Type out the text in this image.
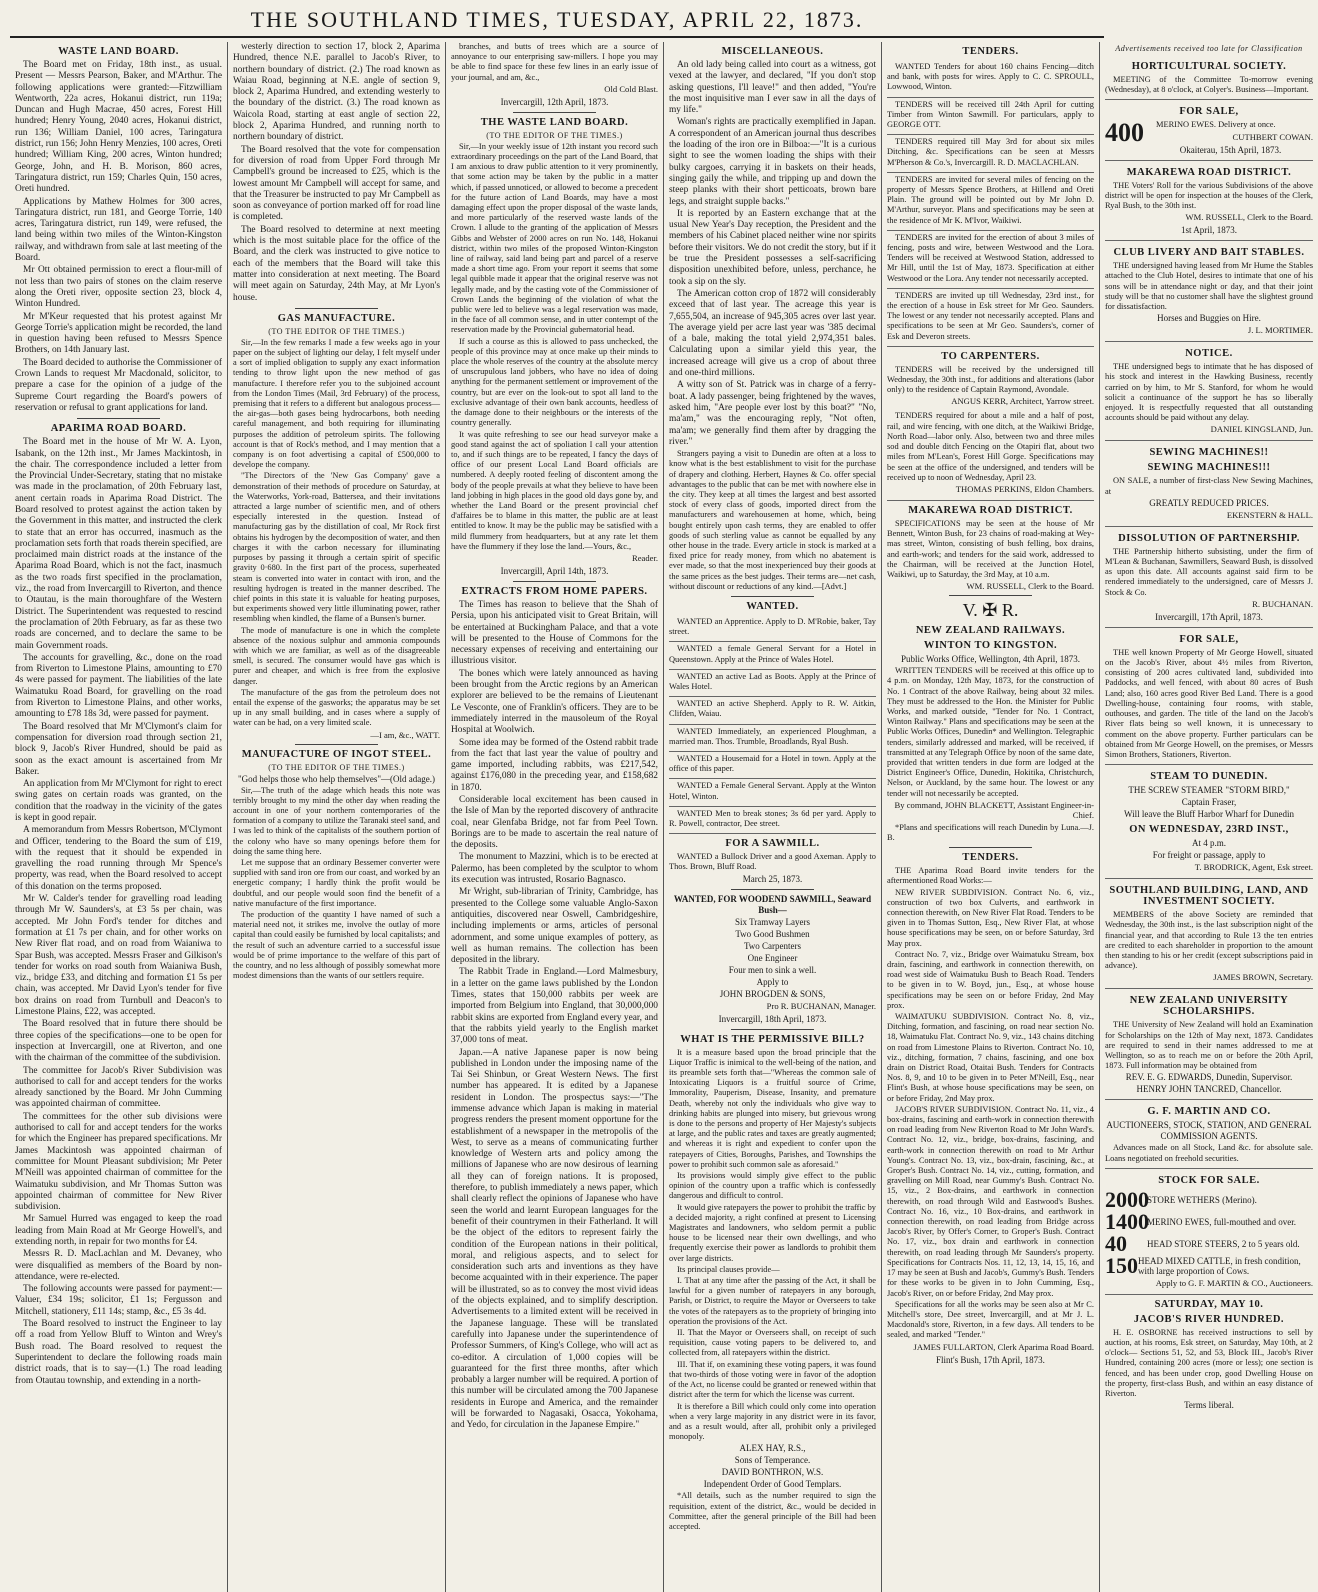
THE SOUTHLAND TIMES, TUESDAY, APRIL 22, 1873.
WASTE LAND BOARD.

The Board met on Friday, 18th inst., as usual. Present — Messrs Pearson, Baker, and M'Arthur. The following applications were granted:—Fitzwilliam Wentworth, 22a acres, Hokanui district, run 119a; Duncan and Hugh Macrae, 450 acres, Forest Hill hundred; Henry Young, 2040 acres, Hokanui district, run 136; William Daniel, 100 acres, Taringatura district, run 156; John Henry Menzies, 100 acres, Oreti hundred; William King, 200 acres, Winton hundred; George, John, and H. B. Morison, 860 acres, Taringatura district, run 159; Charles Quin, 150 acres, Oreti hundred.

Applications by Mathew Holmes for 300 acres, Taringatura district, run 181, and George Torrie, 140 acres, Taringatura district, run 149, were refused, the land being within two miles of the Winton-Kingston railway, and withdrawn from sale at last meeting of the Board.

Mr Ott obtained permission to erect a flour-mill of not less than two pairs of stones on the claim reserve along the Oreti river, opposite section 23, block 4, Winton Hundred.

Mr M'Keur requested that his protest against Mr George Torrie's application might be recorded, the land in question having been refused to Messrs Spence Brothers, on 14th January last.

The Board decided to authorise the Commissioner of Crown Lands to request Mr Macdonald, solicitor, to prepare a case for the opinion of a judge of the Supreme Court regarding the Board's powers of reservation or refusal to grant applications for land.

APARIMA ROAD BOARD.

The Board met in the house of Mr W. A. Lyon, Isabank, on the 12th inst., Mr James Mackintosh, in the chair. The correspondence included a letter from the Provincial Under-Secretary, stating that no mistake was made in the proclamation, of 20th February last, anent certain roads in Aparima Road District. The Board resolved to protest against the action taken by the Government in this matter, and instructed the clerk to state that an error has occurred, inasmuch as the proclamation sets forth that roads therein specified, are proclaimed main district roads at the instance of the Aparima Road Board, which is not the fact, inasmuch as the two roads first specified in the proclamation, viz., the road from Invercargill to Riverton, and thence to Otautau, is the main thoroughfare of the Western District. The Superintendent was requested to rescind the proclamation of 20th February, as far as these two roads are concerned, and to declare the same to be main Government roads.

The accounts for gravelling, &c., done on the road from Riverton to Limestone Plains, amounting to £70 4s were passed for payment. The liabilities of the late Waimatuku Road Board, for gravelling on the road from Riverton to Limestone Plains, and other works, amounting to £78 18s 3d, were passed for payment.

The Board resolved that Mr M'Clymont's claim for compensation for diversion road through section 21, block 9, Jacob's River Hundred, should be paid as soon as the exact amount is ascertained from Mr Baker.

An application from Mr M'Clymont for right to erect swing gates on certain roads was granted, on the condition that the roadway in the vicinity of the gates is kept in good repair.

A memorandum from Messrs Robertson, M'Clymont and Officer, tendering to the Board the sum of £19, with the request that it should be expended in gravelling the road running through Mr Spence's property, was read, when the Board resolved to accept of this donation on the terms proposed.

Mr W. Calder's tender for gravelling road leading through Mr W. Saunders's, at £3 5s per chain, was accepted. Mr John Ford's tender for ditches and formation at £1 7s per chain, and for other works on New River flat road, and on road from Waianiwa to Spar Bush, was accepted. Messrs Fraser and Gilkison's tender for works on road south from Waianiwa Bush, viz., bridge £33, and ditching and formation £1 5s per chain, was accepted. Mr David Lyon's tender for five box drains on road from Turnbull and Deacon's to Limestone Plains, £22, was accepted.

The Board resolved that in future there should be three copies of the specifications—one to be open for inspection at Invercargill, one at Riverton, and one with the chairman of the committee of the subdivision.

The committee for Jacob's River Subdivision was authorised to call for and accept tenders for the works already sanctioned by the Board. Mr John Cumming was appointed chairman of committee.

The committees for the other sub divisions were authorised to call for and accept tenders for the works for which the Engineer has prepared specifications. Mr James Mackintosh was appointed chairman of committee for Mount Pleasant subdivision; Mr Peter M'Neill was appointed chairman of committee for the Waimatuku subdivision, and Mr Thomas Sutton was appointed chairman of committee for New River subdivision.

Mr Samuel Hurred was engaged to keep the road leading from Main Road at Mr George Howell's, and extending north, in repair for two months for £4.

Messrs R. D. MacLachlan and M. Devaney, who were disqualified as members of the Board by non-attendance, were re-elected.

The following accounts were passed for payment:—Valuer, £34 19s; solicitor, £1 1s; Fergusson and Mitchell, stationery, £11 14s; stamp, &c., £5 3s 4d.

The Board resolved to instruct the Engineer to lay off a road from Yellow Bluff to Winton and Wrey's Bush road. The Board resolved to request the Superintendent to declare the following roads main district roads, that is to say—(1.) The road leading from Otautau township, and extending in a north-

westerly direction to section 17, block 2, Aparima Hundred, thence N.E. parallel to Jacob's River, to northern boundary of district. (2.) The road known as Waiau Road, beginning at N.E. angle of section 9, block 2, Aparima Hundred, and extending westerly to the boundary of the district. (3.) The road known as Waicola Road, starting at east angle of section 22, block 2, Aparima Hundred, and running north to northern boundary of district.

The Board resolved that the vote for compensation for diversion of road from Upper Ford through Mr Campbell's ground be increased to £25, which is the lowest amount Mr Campbell will accept for same, and that the Treasurer be instructed to pay Mr Campbell as soon as conveyance of portion marked off for road line is completed.

The Board resolved to determine at next meeting which is the most suitable place for the office of the Board, and the clerk was instructed to give notice to each of the members that the Board will take this matter into consideration at next meeting. The Board will meet again on Saturday, 24th May, at Mr Lyon's house.

GAS MANUFACTURE.
(TO THE EDITOR OF THE TIMES.)

Sir,—In the few remarks I made a few weeks ago in your paper on the subject of lighting our delay, I felt myself under a sort of implied obligation to supply any exact information tending to throw light upon the new method of gas manufacture. I therefore refer you to the subjoined account from the London Times (Mail, 3rd February) of the process, premising that it refers to a different but analogous process—the air-gas—both gases being hydrocarbons, both needing careful management, and both requiring for illuminating purposes the addition of petroleum spirits. The following account is that of Rock's method, and I may mention that a company is on foot advertising a capital of £500,000 to develope the company.

"The Directors of the 'New Gas Company' gave a demonstration of their methods of procedure on Saturday, at the Waterworks, York-road, Battersea, and their invitations attracted a large number of scientific men, and of others especially interested in the question. Instead of manufacturing gas by the distillation of coal, Mr Rock first obtains his hydrogen by the decomposition of water, and then charges it with the carbon necessary for illuminating purposes by passing it through a certain spirit of specific gravity 0·680. In the first part of the process, superheated steam is converted into water in contact with iron, and the resulting hydrogen is treated in the manner described. The chief points in this state it is valuable for heating purposes, but experiments showed very little illuminating power, rather resembling when kindled, the flame of a Bunsen's burner.

The mode of manufacture is one in which the complete absence of the noxious sulphur and ammonia compounds with which we are familiar, as well as of the disagreeable smell, is secured. The consumer would have gas which is purer and cheaper, and which is free from the explosive danger.

The manufacture of the gas from the petroleum does not entail the expense of the gasworks; the apparatus may be set up in any small building, and in cases where a supply of water can be had, on a very limited scale.

—I am, &c., WATT.
MANUFACTURE OF INGOT STEEL.
(TO THE EDITOR OF THE TIMES.)
"God helps those who help themselves"—(Old adage.)

Sir,—The truth of the adage which heads this note was terribly brought to my mind the other day when reading the account in one of your northern contemporaries of the formation of a company to utilize the Taranaki steel sand, and I was led to think of the capitalists of the southern portion of the colony who have so many openings before them for doing the same thing here.

Let me suppose that an ordinary Bessemer converter were supplied with sand iron ore from our coast, and worked by an energetic company; I hardly think the profit would be doubtful, and our people would soon find the benefit of a native manufacture of the first importance.

The production of the quantity I have named of such a material need not, it strikes me, involve the outlay of more capital than could easily be furnished by local capitalists; and the result of such an adventure carried to a successful issue would be of prime importance to the welfare of this part of the country, and no less although of possibly somewhat more modest dimensions than the wants of our settlers require.

branches, and butts of trees which are a source of annoyance to our enterprising saw-millers. I hope you may be able to find space for these few lines in an early issue of your journal, and am, &c.,

Old Cold Blast.
Invercargill, 12th April, 1873.
THE WASTE LAND BOARD.
(TO THE EDITOR OF THE TIMES.)

Sir,—In your weekly issue of 12th instant you record such extraordinary proceedings on the part of the Land Board, that I am anxious to draw public attention to it very prominently, that some action may be taken by the public in a matter which, if passed unnoticed, or allowed to become a precedent for the future action of Land Boards, may have a most damaging effect upon the proper disposal of the waste lands, and more particularly of the reserved waste lands of the Crown. I allude to the granting of the application of Messrs Gibbs and Webster of 2000 acres on run No. 148, Hokanui district, within two miles of the proposed Winton-Kingston line of railway, said land being part and parcel of a reserve made a short time ago. From your report it seems that some legal quibble made it appear that the original reserve was not legally made, and by the casting vote of the Commissioner of Crown Lands the beginning of the violation of what the public were led to believe was a legal reservation was made, in the face of all common sense, and in utter contempt of the reservation made by the Provincial gubernatorial head.

If such a course as this is allowed to pass unchecked, the people of this province may at once make up their minds to place the whole reserves of the country at the absolute mercy of unscrupulous land jobbers, who have no idea of doing anything for the permanent settlement or improvement of the country, but are ever on the look-out to spot all land to the exclusive advantage of their own bank accounts, heedless of the damage done to their neighbours or the interests of the country generally.

It was quite refreshing to see our head surveyor make a good stand against the act of spoliation I call your attention to, and if such things are to be repeated, I fancy the days of office of our present Local Land Board officials are numbered. A deeply rooted feeling of discontent among the body of the people prevails at what they believe to have been land jobbing in high places in the good old days gone by, and whether the Land Board or the present provincial chef d'affaires be to blame in this matter, the public are at least entitled to know. It may be the public may be satisfied with a mild flummery from headquarters, but at any rate let them have the flummery if they lose the land.—Yours, &c.,

Reader.
Invercargill, April 14th, 1873.
EXTRACTS FROM HOME PAPERS.

The Times has reason to believe that the Shah of Persia, upon his anticipated visit to Great Britain, will be entertained at Buckingham Palace, and that a vote will be presented to the House of Commons for the necessary expenses of receiving and entertaining our illustrious visitor.

The bones which were lately announced as having been brought from the Arctic regions by an American explorer are believed to be the remains of Lieutenant Le Vesconte, one of Franklin's officers. They are to be immediately interred in the mausoleum of the Royal Hospital at Woolwich.

Some idea may be formed of the Ostend rabbit trade from the fact that last year the value of poultry and game imported, including rabbits, was £217,542, against £176,080 in the preceding year, and £158,682 in 1870.

Considerable local excitement has been caused in the Isle of Man by the reported discovery of anthracite coal, near Glenfaba Bridge, not far from Peel Town. Borings are to be made to ascertain the real nature of the deposits.

The monument to Mazzini, which is to be erected at Palermo, has been completed by the sculptor to whom its execution was intrusted, Rosario Bagnasco.

Mr Wright, sub-librarian of Trinity, Cambridge, has presented to the College some valuable Anglo-Saxon antiquities, discovered near Oswell, Cambridgeshire, including implements or arms, articles of personal adornment, and some unique examples of pottery, as well as human remains. The collection has been deposited in the library.

The Rabbit Trade in England.—Lord Malmesbury, in a letter on the game laws published by the London Times, states that 150,000 rabbits per week are imported from Belgium into England, that 30,000,000 rabbit skins are exported from England every year, and that the rabbits yield yearly to the English market 37,000 tons of meat.

Japan.—A native Japanese paper is now being published in London under the imposing name of the Tai Sei Shinbun, or Great Western News. The first number has appeared. It is edited by a Japanese resident in London. The prospectus says:—"The immense advance which Japan is making in material progress renders the present moment opportune for the establishment of a newspaper in the metropolis of the West, to serve as a means of communicating further knowledge of Western arts and policy among the millions of Japanese who are now desirous of learning all they can of foreign nations. It is proposed, therefore, to publish immediately a news paper, which shall clearly reflect the opinions of Japanese who have seen the world and learnt European languages for the benefit of their countrymen in their Fatherland. It will be the object of the editors to represent fairly the condition of the European nations in their political, moral, and religious aspects, and to select for consideration such arts and inventions as they have become acquainted with in their experience. The paper will be illustrated, so as to convey the most vivid ideas of the objects explained, and to simplify description. Advertisements to a limited extent will be received in the Japanese language. These will be translated carefully into Japanese under the superintendence of Professor Summers, of King's College, who will act as co-editor. A circulation of 1,000 copies will be guaranteed for the first three months, after which probably a larger number will be required. A portion of this number will be circulated among the 700 Japanese residents in Europe and America, and the remainder will be forwarded to Nagasaki, Osacca, Yokohama, and Yedo, for circulation in the Japanese Empire."

MISCELLANEOUS.

An old lady being called into court as a witness, got vexed at the lawyer, and declared, "If you don't stop asking questions, I'll leave!" and then added, "You're the most inquisitive man I ever saw in all the days of my life."

Woman's rights are practically exemplified in Japan. A correspondent of an American journal thus describes the loading of the iron ore in Bilboa:—"It is a curious sight to see the women loading the ships with their bulky cargoes, carrying it in baskets on their heads, singing gaily the while, and tripping up and down the steep planks with their short petticoats, brown bare legs, and straight supple backs."

It is reported by an Eastern exchange that at the usual New Year's Day reception, the President and the members of his Cabinet placed neither wine nor spirits before their visitors. We do not credit the story, but if it be true the President possesses a self-sacrificing disposition unexhibited before, unless, perchance, he took a sip on the sly.

The American cotton crop of 1872 will considerably exceed that of last year. The acreage this year is 7,655,504, an increase of 945,305 acres over last year. The average yield per acre last year was '385 decimal of a bale, making the total yield 2,974,351 bales. Calculating upon a similar yield this year, the increased acreage will give us a crop of about three and one-third millions.

A witty son of St. Patrick was in charge of a ferry-boat. A lady passenger, being frightened by the waves, asked him, "Are people ever lost by this boat?" "No, ma'am," was the encouraging reply, "Not often, ma'am; we generally find them after by dragging the river."

Strangers paying a visit to Dunedin are often at a loss to know what is the best establishment to visit for the purchase of drapery and clothing. Herbert, Haynes & Co. offer special advantages to the public that can be met with nowhere else in the city. They keep at all times the largest and best assorted stock of every class of goods, imported direct from the manufacturers and warehousemen at home, which, being bought entirely upon cash terms, they are enabled to offer goods of such sterling value as cannot be equalled by any other house in the trade. Every article in stock is marked at a fixed price for ready money, from which no abatement is ever made, so that the most inexperienced buy their goods at the same prices as the best judges. Their terms are—net cash, without discount or reductions of any kind.—[Advt.]

WANTED.

WANTED an Apprentice. Apply to D. M'Robie, baker, Tay street.

WANTED a female General Servant for a Hotel in Queenstown. Apply at the Prince of Wales Hotel.

WANTED an active Lad as Boots. Apply at the Prince of Wales Hotel.

WANTED an active Shepherd. Apply to R. W. Aitkin, Clifden, Waiau.

WANTED Immediately, an experienced Ploughman, a married man. Thos. Trumble, Broadlands, Ryal Bush.

WANTED a Housemaid for a Hotel in town. Apply at the office of this paper.

WANTED a Female General Servant. Apply at the Winton Hotel, Winton.

WANTED Men to break stones; 3s 6d per yard. Apply to R. Powell, contractor, Dee street.

FOR A SAWMILL.

WANTED a Bullock Driver and a good Axeman. Apply to Thos. Brown, Bluff Road.

March 25, 1873.
WANTED, FOR WOODEND SAWMILL, Seaward Bush—
Six Tramway Layers
Two Good Bushmen
Two Carpenters
One Engineer
Four men to sink a well.
Apply to
JOHN BROGDEN & SONS,
Pro R. BUCHANAN, Manager.
Invercargill, 18th April, 1873.
WHAT IS THE PERMISSIVE BILL?

It is a measure based upon the broad principle that the Liquor Traffic is inimical to the well-being of the nation, and its preamble sets forth that—"Whereas the common sale of Intoxicating Liquors is a fruitful source of Crime, Immorality, Pauperism, Disease, Insanity, and premature Death, whereby not only the individuals who give way to drinking habits are plunged into misery, but grievous wrong is done to the persons and property of Her Majesty's subjects at large, and the public rates and taxes are greatly augmented; and whereas it is right and expedient to confer upon the ratepayers of Cities, Boroughs, Parishes, and Townships the power to prohibit such common sale as aforesaid."

Its provisions would simply give effect to the public opinion of the country upon a traffic which is confessedly dangerous and difficult to control.

It would give ratepayers the power to prohibit the traffic by a decided majority, a right confined at present to Licensing Magistrates and landowners, who seldom permit a public house to be licensed near their own dwellings, and who frequently exercise their power as landlords to prohibit them over large districts.

Its principal clauses provide—

I. That at any time after the passing of the Act, it shall be lawful for a given number of ratepayers in any borough, Parish, or District, to require the Mayor or Overseers to take the votes of the ratepayers as to the propriety of bringing into operation the provisions of the Act.

II. That the Mayor or Overseers shall, on receipt of such requisition, cause voting papers to be delivered to, and collected from, all ratepayers within the district.

III. That if, on examining these voting papers, it was found that two-thirds of those voting were in favor of the adoption of the Act, no license could be granted or renewed within that district after the term for which the license was current.

It is therefore a Bill which could only come into operation when a very large majority in any district were in its favor, and as a result would, after all, prohibit only a privileged monopoly.

ALEX HAY, R.S.,
Sons of Temperance.
DAVID BONTHRON, W.S.
Independent Order of Good Templars.

*All details, such as the number required to sign the requisition, extent of the district, &c., would be decided in Committee, after the general principle of the Bill had been accepted.

TENDERS.

WANTED Tenders for about 160 chains Fencing—ditch and bank, with posts for wires. Apply to C. C. SPROULL, Lowwood, Winton.

TENDERS will be received till 24th April for cutting Timber from Winton Sawmill. For particulars, apply to GEORGE OTT.

TENDERS required till May 3rd for about six miles Ditching, &c. Specifications can be seen at Messrs M'Pherson & Co.'s, Invercargill. R. D. MACLACHLAN.

TENDERS are invited for several miles of fencing on the property of Messrs Spence Brothers, at Hillend and Oreti Plain. The ground will be pointed out by Mr John D. M'Arthur, surveyor. Plans and specifications may be seen at the residence of Mr K. M'Ivor, Waikiwi.

TENDERS are invited for the erection of about 3 miles of fencing, posts and wire, between Westwood and the Lora. Tenders will be received at Westwood Station, addressed to Mr Hill, until the 1st of May, 1873. Specification at either Westwood or the Lora. Any tender not necessarily accepted.

TENDERS are invited up till Wednesday, 23rd inst., for the erection of a house in Esk street for Mr Geo. Saunders. The lowest or any tender not necessarily accepted. Plans and specifications to be seen at Mr Geo. Saunders's, corner of Esk and Deveron streets.

TO CARPENTERS.

TENDERS will be received by the undersigned till Wednesday, the 30th inst., for additions and alterations (labor only) to the residence of Captain Raymond, Avondale.

ANGUS KERR, Architect, Yarrow street.

TENDERS required for about a mile and a half of post, rail, and wire fencing, with one ditch, at the Waikiwi Bridge, North Road—labor only. Also, between two and three miles sod and double ditch Fencing on the Otapiri flat, about two miles from M'Lean's, Forest Hill Gorge. Specifications may be seen at the office of the undersigned, and tenders will be received up to noon of Wednesday, April 23.

THOMAS PERKINS, Eldon Chambers.
MAKAREWA ROAD DISTRICT.

SPECIFICATIONS may be seen at the house of Mr Bennett, Winton Bush, for 23 chains of road-making at Wey-mas street, Winton, consisting of bush felling, box drains, and earth-work; and tenders for the said work, addressed to the Chairman, will be received at the Junction Hotel, Waikiwi, up to Saturday, the 3rd May, at 10 a.m.

WM. RUSSELL, Clerk to the Board.
V. ✠ R.
NEW ZEALAND RAILWAYS.
WINTON TO KINGSTON.
Public Works Office, Wellington, 4th April, 1873.

WRITTEN TENDERS will be received at this office up to 4 p.m. on Monday, 12th May, 1873, for the construction of No. 1 Contract of the above Railway, being about 32 miles. They must be addressed to the Hon. the Minister for Public Works, and marked outside, "Tender for No. 1 Contract, Winton Railway." Plans and specifications may be seen at the Public Works Offices, Dunedin* and Wellington. Telegraphic tenders, similarly addressed and marked, will be received, if transmitted at any Telegraph Office by noon of the same date, provided that written tenders in due form are lodged at the District Engineer's Office, Dunedin, Hokitika, Christchurch, Nelson, or Auckland, by the same hour. The lowest or any tender will not necessarily be accepted.

By command, JOHN BLACKETT, Assistant Engineer-in-Chief.

*Plans and specifications will reach Dunedin by Luna.—J. B.

TENDERS.

THE Aparima Road Board invite tenders for the aftermentioned Road Works:—

NEW RIVER SUBDIVISION. Contract No. 6, viz., construction of two box Culverts, and earthwork in connection therewith, on New River Flat Road. Tenders to be given in to Thomas Sutton, Esq., New River Flat, at whose house specifications may be seen, on or before Saturday, 3rd May prox.

Contract No. 7, viz., Bridge over Waimatuku Stream, box drain, fascining, and earthwork in connection therewith, on road west side of Waimatuku Bush to Beach Road. Tenders to be given in to W. Boyd, jun., Esq., at whose house specifications may be seen on or before Friday, 2nd May prox.

WAIMATUKU SUBDIVISION. Contract No. 8, viz., Ditching, formation, and fascining, on road near section No. 18, Waimatuku Flat. Contract No. 9, viz., 143 chains ditching on road from Limestone Plains to Riverton. Contract No. 10, viz., ditching, formation, 7 chains, fascining, and one box drain on District Road, Otaitai Bush. Tenders for Contracts Nos. 8, 9, and 10 to be given in to Peter M'Neill, Esq., near Flint's Bush, at whose house specifications may be seen, on or before Friday, 2nd May prox.

JACOB'S RIVER SUBDIVISION. Contract No. 11, viz., 4 box-drains, fascining and earth-work in connection therewith on road leading from New Riverton Road to Mr John Ward's. Contract No. 12, viz., bridge, box-drains, fascining, and earth-work in connection therewith on road to Mr Arthur Young's. Contract No. 13, viz., box-drain, fascining, &c., at Groper's Bush. Contract No. 14, viz., cutting, formation, and gravelling on Mill Road, near Gummy's Bush. Contract No. 15, viz., 2 Box-drains, and earthwork in connection therewith, on road through Wild and Eastwood's Bushes. Contract No. 16, viz., 10 Box-drains, and earthwork in connection therewith, on road leading from Bridge across Jacob's River, by Offer's Corner, to Groper's Bush. Contract No. 17, viz., box drain and earthwork in connection therewith, on road leading through Mr Saunders's property. Specifications for Contracts Nos. 11, 12, 13, 14, 15, 16, and 17 may be seen at Bush and Jacob's, Gummy's Bush. Tenders for these works to be given in to John Cumming, Esq., Jacob's River, on or before Friday, 2nd May prox.

Specifications for all the works may be seen also at Mr C. Mitchell's store, Dee street, Invercargill, and at Mr J. L. Macdonald's store, Riverton, in a few days. All tenders to be sealed, and marked "Tender."

JAMES FULLARTON, Clerk Aparima Road Board.
Flint's Bush, 17th April, 1873.
Advertisements received too late for Classification
HORTICULTURAL SOCIETY.

MEETING of the Committee To-morrow evening (Wednesday), at 8 o'clock, at Colyer's. Business—Important.

FOR SALE,
400	MERINO EWES. Delivery at once.

CUTHBERT COWAN.
Okaiterau, 15th April, 1873.
MAKAREWA ROAD DISTRICT.

THE Voters' Roll for the various Subdivisions of the above district will be open for inspection at the houses of the Clerk, Ryal Bush, to the 30th inst.

WM. RUSSELL, Clerk to the Board.
1st April, 1873.
CLUB LIVERY AND BAIT STABLES.

THE undersigned having leased from Mr Hume the Stables attached to the Club Hotel, desires to intimate that one of his sons will be in attendance night or day, and that their joint study will be that no customer shall have the slightest ground for dissatisfaction.

Horses and Buggies on Hire.
J. L. MORTIMER.
NOTICE.

THE undersigned begs to intimate that he has disposed of his stock and interest in the Hawking Business, recently carried on by him, to Mr S. Stanford, for whom he would solicit a continuance of the support he has so liberally enjoyed. It is respectfully requested that all outstanding accounts should be paid without any delay.

DANIEL KINGSLAND, Jun.
SEWING MACHINES!!
SEWING MACHINES!!!

ON SALE, a number of first-class New Sewing Machines, at

GREATLY REDUCED PRICES.
EKENSTERN & HALL.
DISSOLUTION OF PARTNERSHIP.

THE Partnership hitherto subsisting, under the firm of M'Lean & Buchanan, Sawmillers, Seaward Bush, is dissolved as upon this date. All accounts against said firm to be rendered immediately to the undersigned, care of Messrs J. Stock & Co.

R. BUCHANAN.
Invercargill, 17th April, 1873.
FOR SALE,

THE well known Property of Mr George Howell, situated on the Jacob's River, about 4½ miles from Riverton, consisting of 200 acres cultivated land, subdivided into Paddocks, and well fenced, with about 80 acres of Bush Land; also, 160 acres good River Bed Land. There is a good Dwelling-house, containing four rooms, with stable, outhouses, and garden. The title of the land on the Jacob's River flats being so well known, it is unnecessary to comment on the above property. Further particulars can be obtained from Mr George Howell, on the premises, or Messrs Simon Brothers, Stationers, Riverton.

STEAM TO DUNEDIN.
THE SCREW STEAMER "STORM BIRD,"
Captain Fraser,
Will leave the Bluff Harbor Wharf for Dunedin
ON WEDNESDAY, 23RD INST.,
At 4 p.m.
For freight or passage, apply to
T. BRODRICK, Agent, Esk street.
SOUTHLAND BUILDING, LAND, AND INVESTMENT SOCIETY.

MEMBERS of the above Society are reminded that Wednesday, the 30th inst., is the last subscription night of the financial year, and that according to Rule 13 the ten entries are credited to each shareholder in proportion to the amount then standing to his or her credit (except subscriptions paid in advance).

JAMES BROWN, Secretary.
NEW ZEALAND UNIVERSITY SCHOLARSHIPS.

THE University of New Zealand will hold an Examination for Scholarships on the 12th of May next, 1873. Candidates are required to send in their names addressed to me at Wellington, so as to reach me on or before the 20th April, 1873. Full information may be obtained from

REV. E. G. EDWARDS, Dunedin, Supervisor.
HENRY JOHN TANCRED, Chancellor.
G. F. MARTIN AND CO.
AUCTIONEERS, STOCK, STATION, AND GENERAL COMMISSION AGENTS.

Advances made on all Stock, Land &c. for absolute sale. Loans negotiated on freehold securities.

STOCK FOR SALE.
2000
STORE WETHERS (Merino).
1400
MERINO EWES, full-mouthed and over.
40	HEAD STORE STEERS, 2 to 5 years old.
150 HEAD MIXED CATTLE, in fresh condition, with large proportion of Cows.
Apply to G. F. MARTIN & CO., Auctioneers.
SATURDAY, MAY 10.
JACOB'S RIVER HUNDRED.

H. E. OSBORNE has received instructions to sell by auction, at his rooms, Esk street, on Saturday, May 10th, at 2 o'clock— Sections 51, 52, and 53, Block III., Jacob's River Hundred, containing 200 acres (more or less); one section is fenced, and has been under crop, good Dwelling House on the property, first-class Bush, and within an easy distance of Riverton.

Terms liberal.
